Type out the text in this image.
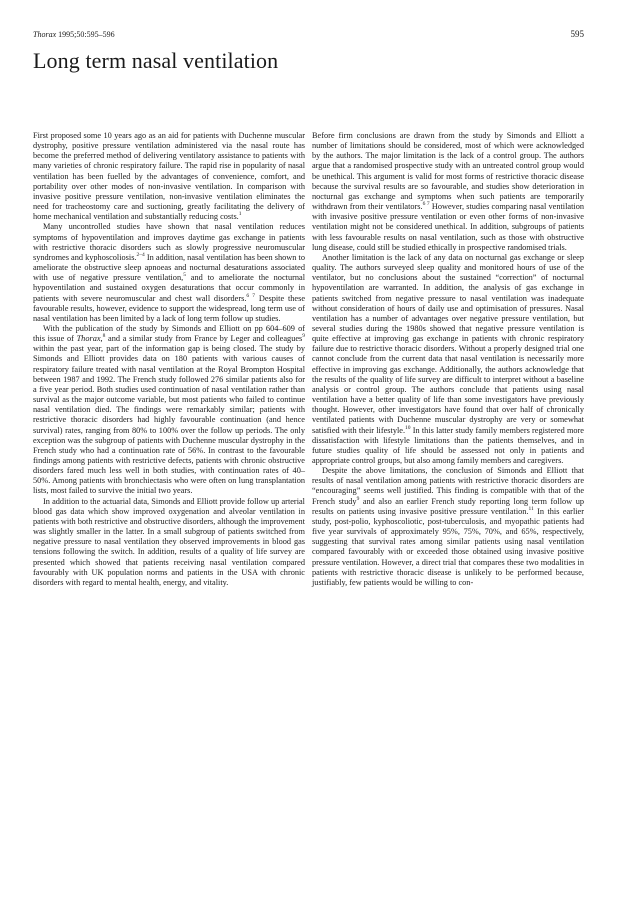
Thorax 1995;50:595–596	595
Long term nasal ventilation

First proposed some 10 years ago as an aid for patients with Duchenne muscular dystrophy, positive pressure ventilation administered via the nasal route has become the preferred method of delivering ventilatory assistance to patients with many varieties of chronic respiratory failure. The rapid rise in popularity of nasal ventilation has been fuelled by the advantages of convenience, comfort, and portability over other modes of non-invasive ventilation. In comparison with invasive positive pressure ventilation, non-invasive ventilation eliminates the need for tracheostomy care and suctioning, greatly facilitating the delivery of home mechanical ventilation and substantially reducing costs.$^1$

Many uncontrolled studies have shown that nasal ventilation reduces symptoms of hypoventilation and improves daytime gas exchange in patients with restrictive thoracic disorders such as slowly progressive neuromuscular syndromes and kyphoscoliosis.$^{2-4}$ In addition, nasal ventilation has been shown to ameliorate the obstructive sleep apnoeas and nocturnal desaturations associated with use of negative pressure ventilation,$^5$ and to ameliorate the nocturnal hypoventilation and sustained oxygen desaturations that occur commonly in patients with severe neuromuscular and chest wall disorders.$^{6 7}$ Despite these favourable results, however, evidence to support the widespread, long term use of nasal ventilation has been limited by a lack of long term follow up studies.

With the publication of the study by Simonds and Elliott on pp 604–609 of this issue of Thorax,$^8$ and a similar study from France by Leger and colleagues$^9$ within the past year, part of the information gap is being closed. The study by Simonds and Elliott provides data on 180 patients with various causes of respiratory failure treated with nasal ventilation at the Royal Brompton Hospital between 1987 and 1992. The French study followed 276 similar patients also for a five year period. Both studies used continuation of nasal ventilation rather than survival as the major outcome variable, but most patients who failed to continue nasal ventilation died. The findings were remarkably similar; patients with restrictive thoracic disorders had highly favourable continuation (and hence survival) rates, ranging from 80% to 100% over the follow up periods. The only exception was the subgroup of patients with Duchenne muscular dystrophy in the French study who had a continuation rate of 56%. In contrast to the favourable findings among patients with restrictive defects, patients with chronic obstructive disorders fared much less well in both studies, with continuation rates of 40–50%. Among patients with bronchiectasis who were often on lung transplantation lists, most failed to survive the initial two years.

In addition to the actuarial data, Simonds and Elliott provide follow up arterial blood gas data which show improved oxygenation and alveolar ventilation in patients with both restrictive and obstructive disorders, although the improvement was slightly smaller in the latter. In a small subgroup of patients switched from negative pressure to nasal ventilation they observed improvements in blood gas tensions following the switch. In addition, results of a quality of life survey are presented which showed that patients receiving nasal ventilation compared favourably with UK population norms and patients in the USA with chronic disorders with regard to mental health, energy, and vitality.

Before firm conclusions are drawn from the study by Simonds and Elliott a number of limitations should be considered, most of which were acknowledged by the authors. The major limitation is the lack of a control group. The authors argue that a randomised prospective study with an untreated control group would be unethical. This argument is valid for most forms of restrictive thoracic disease because the survival results are so favourable, and studies show deterioration in nocturnal gas exchange and symptoms when such patients are temporarily withdrawn from their ventilators.$^{6 7}$ However, studies comparing nasal ventilation with invasive positive pressure ventilation or even other forms of non-invasive ventilation might not be considered unethical. In addition, subgroups of patients with less favourable results on nasal ventilation, such as those with obstructive lung disease, could still be studied ethically in prospective randomised trials.

Another limitation is the lack of any data on nocturnal gas exchange or sleep quality. The authors surveyed sleep quality and monitored hours of use of the ventilator, but no conclusions about the sustained “correction” of nocturnal hypoventilation are warranted. In addition, the analysis of gas exchange in patients switched from negative pressure to nasal ventilation was inadequate without consideration of hours of daily use and optimisation of pressures. Nasal ventilation has a number of advantages over negative pressure ventilation, but several studies during the 1980s showed that negative pressure ventilation is quite effective at improving gas exchange in patients with chronic respiratory failure due to restrictive thoracic disorders. Without a properly designed trial one cannot conclude from the current data that nasal ventilation is necessarily more effective in improving gas exchange. Additionally, the authors acknowledge that the results of the quality of life survey are difficult to interpret without a baseline analysis or control group. The authors conclude that patients using nasal ventilation have a better quality of life than some investigators have previously thought. However, other investigators have found that over half of chronically ventilated patients with Duchenne muscular dystrophy are very or somewhat satisfied with their lifestyle.$^{10}$ In this latter study family members registered more dissatisfaction with lifestyle limitations than the patients themselves, and in future studies quality of life should be assessed not only in patients and appropriate control groups, but also among family members and caregivers.

Despite the above limitations, the conclusion of Simonds and Elliott that results of nasal ventilation among patients with restrictive thoracic disorders are “encouraging” seems well justified. This finding is compatible with that of the French study$^9$ and also an earlier French study reporting long term follow up results on patients using invasive positive pressure ventilation.$^{11}$ In this earlier study, post-polio, kyphoscoliotic, post-tuberculosis, and myopathic patients had five year survivals of approximately 95%, 75%, 70%, and 65%, respectively, suggesting that survival rates among similar patients using nasal ventilation compared favourably with or exceeded those obtained using invasive positive pressure ventilation. However, a direct trial that compares these two modalities in patients with restrictive thoracic disease is unlikely to be performed because, justifiably, few patients would be willing to con-
